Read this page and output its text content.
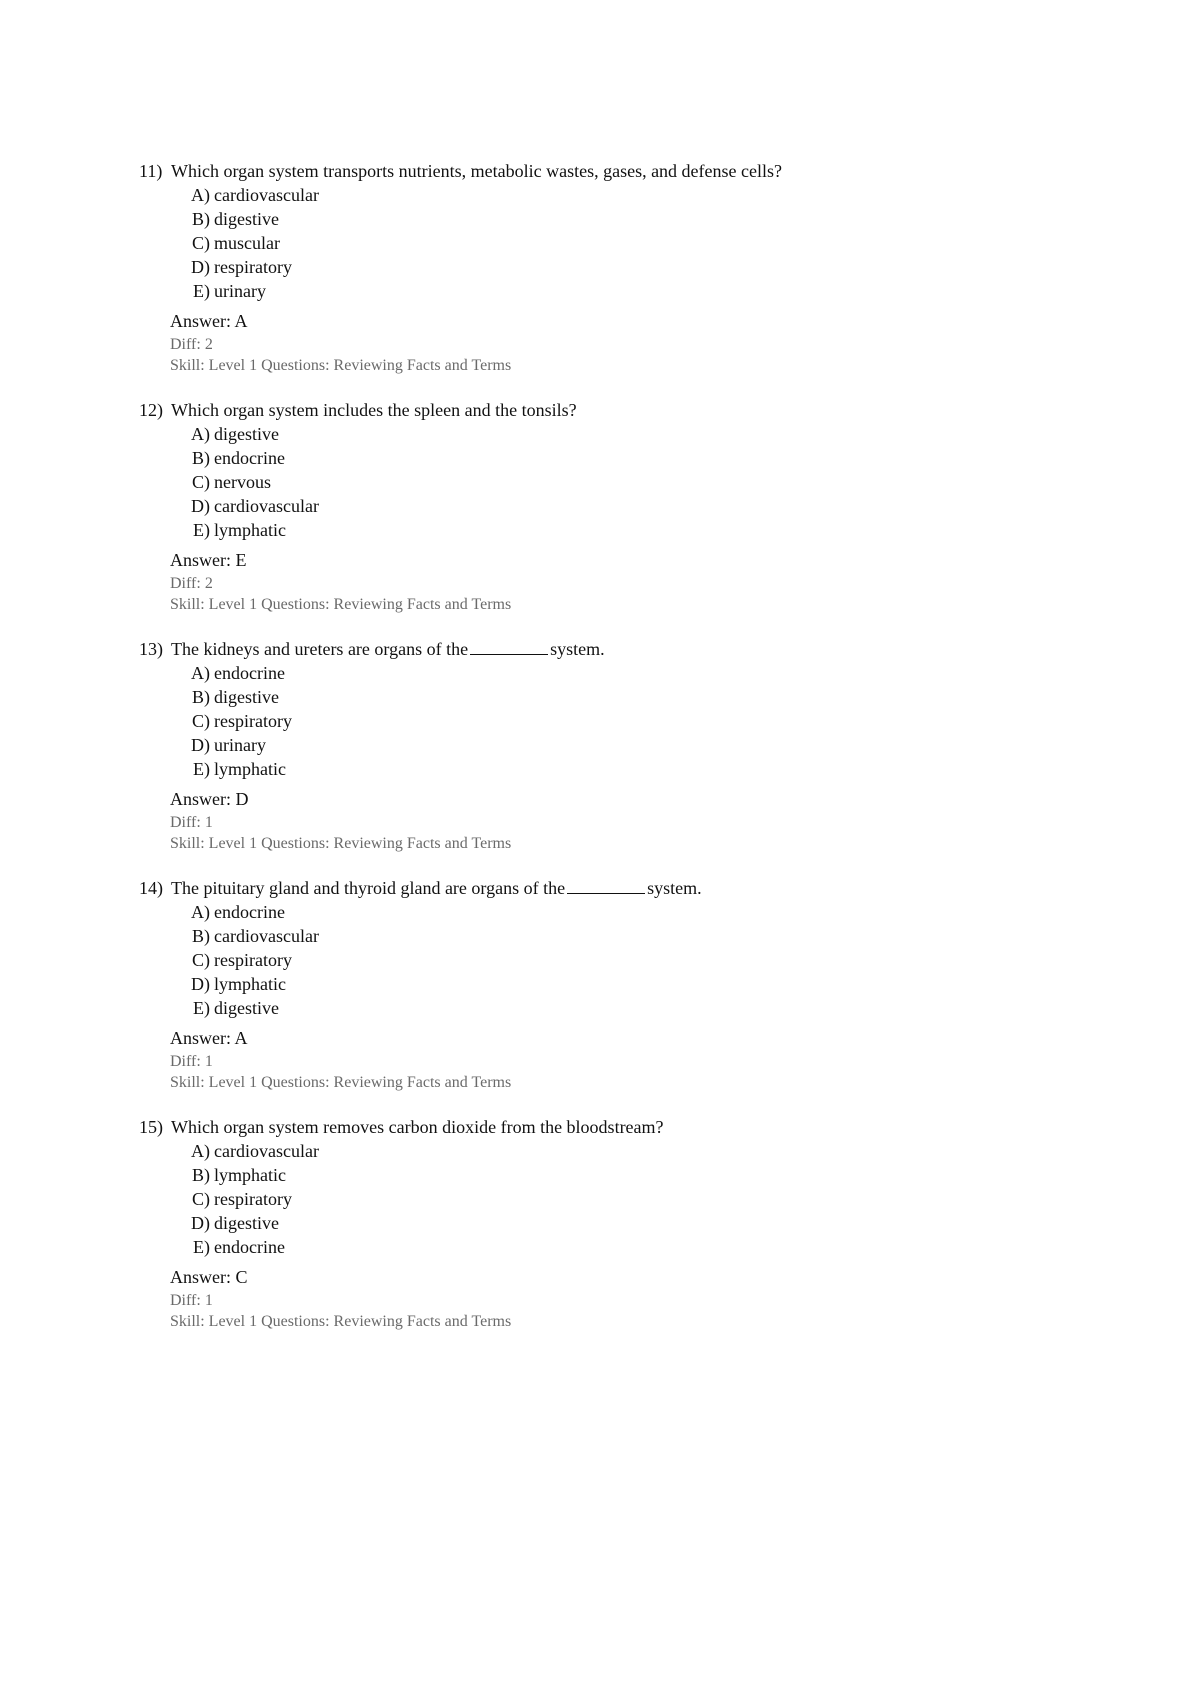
11) Which organ system transports nutrients, metabolic wastes, gases, and defense cells?
A) cardiovascular
B) digestive
C) muscular
D) respiratory
E) urinary
Answer: A
Diff: 2
Skill: Level 1 Questions: Reviewing Facts and Terms
12) Which organ system includes the spleen and the tonsils?
A) digestive
B) endocrine
C) nervous
D) cardiovascular
E) lymphatic
Answer: E
Diff: 2
Skill: Level 1 Questions: Reviewing Facts and Terms
13) The kidneys and ureters are organs of the	system.
A) endocrine
B) digestive
C) respiratory
D) urinary
E) lymphatic
Answer: D
Diff: 1
Skill: Level 1 Questions: Reviewing Facts and Terms
14) The pituitary gland and thyroid gland are organs of the	system.
A) endocrine
B) cardiovascular
C) respiratory
D) lymphatic
E) digestive
Answer: A
Diff: 1
Skill: Level 1 Questions: Reviewing Facts and Terms
15) Which organ system removes carbon dioxide from the bloodstream?
A) cardiovascular
B) lymphatic
C) respiratory
D) digestive
E) endocrine
Answer: C
Diff: 1
Skill: Level 1 Questions: Reviewing Facts and Terms
